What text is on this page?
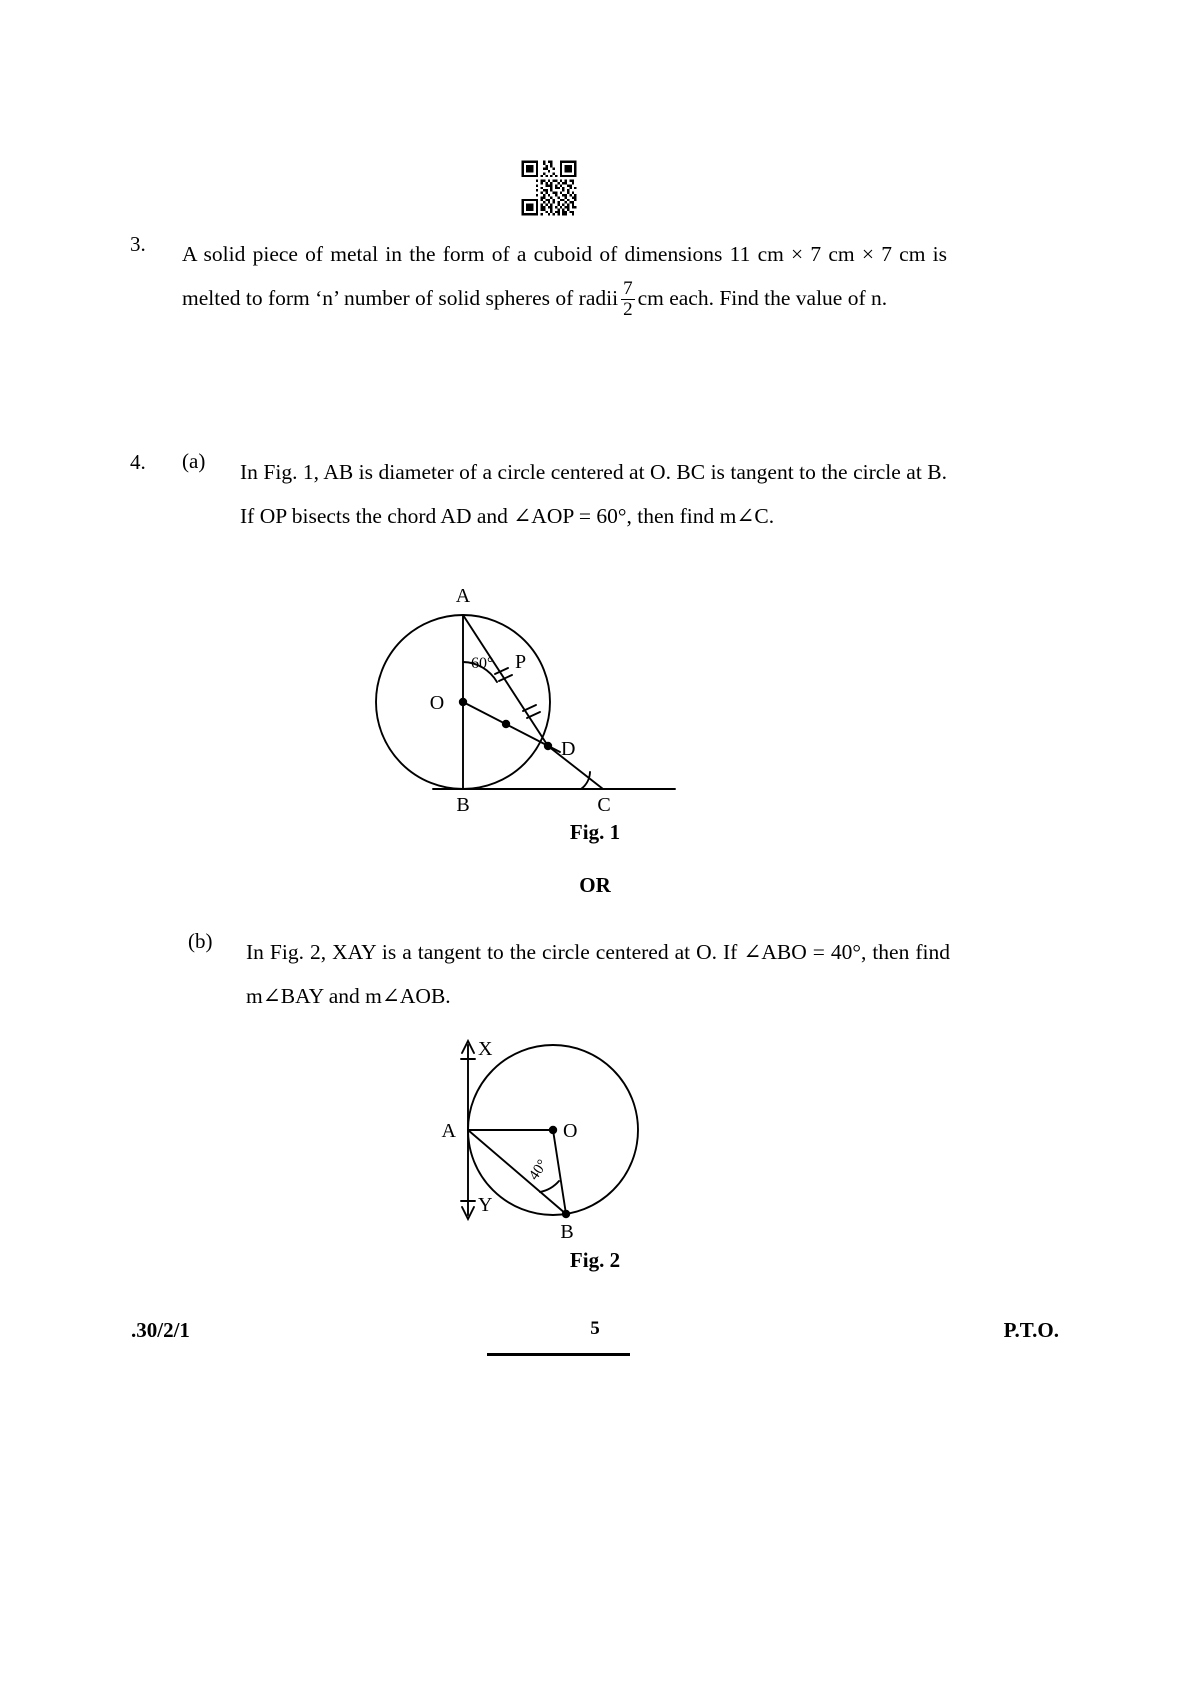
3.	A solid piece of metal in the form of a cuboid of dimensions 11 cm × 7 cm × 7 cm is melted to form ‘n’ number of solid spheres of radii $\frac{7}{2}$ cm each. Find the value of n.
4.	(a)	In Fig. 1, AB is diameter of a circle centered at O. BC is tangent to the circle at B. If OP bisects the chord AD and ∠AOP = 60°, then find m∠C.
A
B	C
D
O
P
60°
Fig. 1
OR
(b)	In Fig. 2, XAY is a tangent to the circle centered at O. If ∠ABO = 40°, then find m∠BAY and m∠AOB.
X
Y
A
B
O
40°
Fig. 2
.30/2/1	5	P.T.O.
